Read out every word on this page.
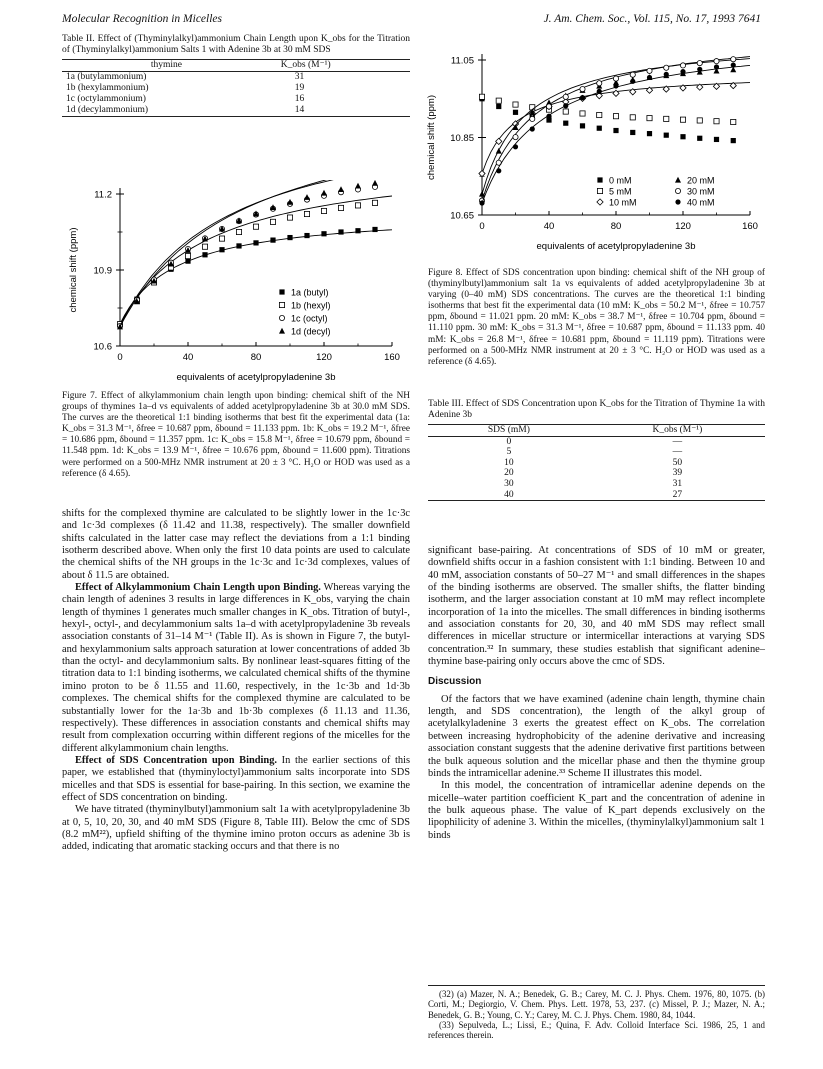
Molecular Recognition in Micelles	J. Am. Chem. Soc., Vol. 115, No. 17, 1993 7641
Table II. Effect of (Thyminylalkyl)ammonium Chain Length upon K_obs for the Titration of (Thyminylalkyl)ammonium Salts 1 with Adenine 3b at 30 mM SDS
thymine	K_obs (M⁻¹)
1a (butylammonium)	31
1b (hexylammonium)	19
1c (octylammonium)	16
1d (decylammonium)	14
0	40	80	120	160
10.6
10.9
11.2
equivalents of acetylpropyladenine 3b
chemical shift (ppm)	1a (butyl)
1b (hexyl)
1c (octyl)
1d (decyl)
Figure 7. Effect of alkylammonium chain length upon binding: chemical shift of the NH groups of thymines 1a–d vs equivalents of added acetylpropyladenine 3b at 30.0 mM SDS. The curves are the theoretical 1:1 binding isotherms that best fit the experimental data (1a: K_obs = 31.3 M⁻¹, δfree = 10.687 ppm, δbound = 11.133 ppm. 1b: K_obs = 19.2 M⁻¹, δfree = 10.686 ppm, δbound = 11.357 ppm. 1c: K_obs = 15.8 M⁻¹, δfree = 10.679 ppm, δbound = 11.548 ppm. 1d: K_obs = 13.9 M⁻¹, δfree = 10.676 ppm, δbound = 11.600 ppm). Titrations were performed on a 500-MHz NMR instrument at 20 ± 3 °C. H₂O or HOD was used as a reference (δ 4.65).

shifts for the complexed thymine are calculated to be slightly lower in the 1c·3c and 1c·3d complexes (δ 11.42 and 11.38, respectively). The smaller downfield shifts calculated in the latter case may reflect the deviations from a 1:1 binding isotherm described above. When only the first 10 data points are used to calculate the chemical shifts of the NH groups in the 1c·3c and 1c·3d complexes, values of about δ 11.5 are obtained.

Effect of Alkylammonium Chain Length upon Binding. Whereas varying the chain length of adenines 3 results in large differences in K_obs, varying the chain length of thymines 1 generates much smaller changes in K_obs. Titration of butyl-, hexyl-, octyl-, and decylammonium salts 1a–d with acetylpropyladenine 3b reveals association constants of 31–14 M⁻¹ (Table II). As is shown in Figure 7, the butyl- and hexylammonium salts approach saturation at lower concentrations of added 3b than the octyl- and decylammonium salts. By nonlinear least-squares fitting of the titration data to 1:1 binding isotherms, we calculated chemical shifts of the thymine imino proton to be δ 11.55 and 11.60, respectively, in the 1c·3b and 1d·3b complexes. The chemical shifts for the complexed thymine are calculated to be substantially lower for the 1a·3b and 1b·3b complexes (δ 11.13 and 11.36, respectively). These differences in association constants and chemical shifts may result from complexation occurring within different regions of the micelles for the different alkylammonium chain lengths.

Effect of SDS Concentration upon Binding. In the earlier sections of this paper, we established that (thyminyloctyl)ammonium salts incorporate into SDS micelles and that SDS is essential for base-pairing. In this section, we examine the effect of SDS concentration on binding.

We have titrated (thyminylbutyl)ammonium salt 1a with acetylpropyladenine 3b at 0, 5, 10, 20, 30, and 40 mM SDS (Figure 8, Table III). Below the cmc of SDS (8.2 mM²²), upfield shifting of the thymine imino proton occurs as adenine 3b is added, indicating that aromatic stacking occurs and that there is no

0	40	80	120	160
10.65
10.85
11.05
equivalents of acetylpropyladenine 3b
chemical shift (ppm)
0 mM
5 mM
10 mM
20 mM
30 mM
40 mM
Figure 8. Effect of SDS concentration upon binding: chemical shift of the NH group of (thyminylbutyl)ammonium salt 1a vs equivalents of added acetylpropyladenine 3b at varying (0–40 mM) SDS concentrations. The curves are the theoretical 1:1 binding isotherms that best fit the experimental data (10 mM: K_obs = 50.2 M⁻¹, δfree = 10.757 ppm, δbound = 11.021 ppm. 20 mM: K_obs = 38.7 M⁻¹, δfree = 10.704 ppm, δbound = 11.110 ppm. 30 mM: K_obs = 31.3 M⁻¹, δfree = 10.687 ppm, δbound = 11.133 ppm. 40 mM: K_obs = 26.8 M⁻¹, δfree = 10.681 ppm, δbound = 11.119 ppm). Titrations were performed on a 500-MHz NMR instrument at 20 ± 3 °C. H₂O or HOD was used as a reference (δ 4.65).
Table III. Effect of SDS Concentration upon K_obs for the Titration of Thymine 1a with Adenine 3b
SDS (mM)	K_obs (M⁻¹)
0	—
5	—
10	50
20	39
30	31
40	27

significant base-pairing. At concentrations of SDS of 10 mM or greater, downfield shifts occur in a fashion consistent with 1:1 binding. Between 10 and 40 mM, association constants of 50–27 M⁻¹ and small differences in the shapes of the binding isotherms are observed. The smaller shifts, the flatter binding isotherm, and the larger association constant at 10 mM may reflect incomplete incorporation of 1a into the micelles. The small differences in binding isotherms and association constants for 20, 30, and 40 mM SDS may reflect small differences in micellar structure or intermicellar interactions at varying SDS concentration.³² In summary, these studies establish that significant adenine–thymine base-pairing only occurs above the cmc of SDS.

Discussion

Of the factors that we have examined (adenine chain length, thymine chain length, and SDS concentration), the length of the alkyl group of acetylalkyladenine 3 exerts the greatest effect on K_obs. The correlation between increasing hydrophobicity of the adenine derivative and increasing association constant suggests that the adenine derivative first partitions between the bulk aqueous solution and the micellar phase and then the thymine group binds the intramicellar adenine.³³ Scheme II illustrates this model.

In this model, the concentration of intramicellar adenine depends on the micelle–water partition coefficient K_part and the concentration of adenine in the bulk aqueous phase. The value of K_part depends exclusively on the lipophilicity of adenine 3. Within the micelles, (thyminylalkyl)ammonium salt 1 binds

(32) (a) Mazer, N. A.; Benedek, G. B.; Carey, M. C. J. Phys. Chem. 1976, 80, 1075. (b) Corti, M.; Degiorgio, V. Chem. Phys. Lett. 1978, 53, 237. (c) Missel, P. J.; Mazer, N. A.; Benedek, G. B.; Young, C. Y.; Carey, M. C. J. Phys. Chem. 1980, 84, 1044.
(33) Sepulveda, L.; Lissi, E.; Quina, F. Adv. Colloid Interface Sci. 1986, 25, 1 and references therein.
